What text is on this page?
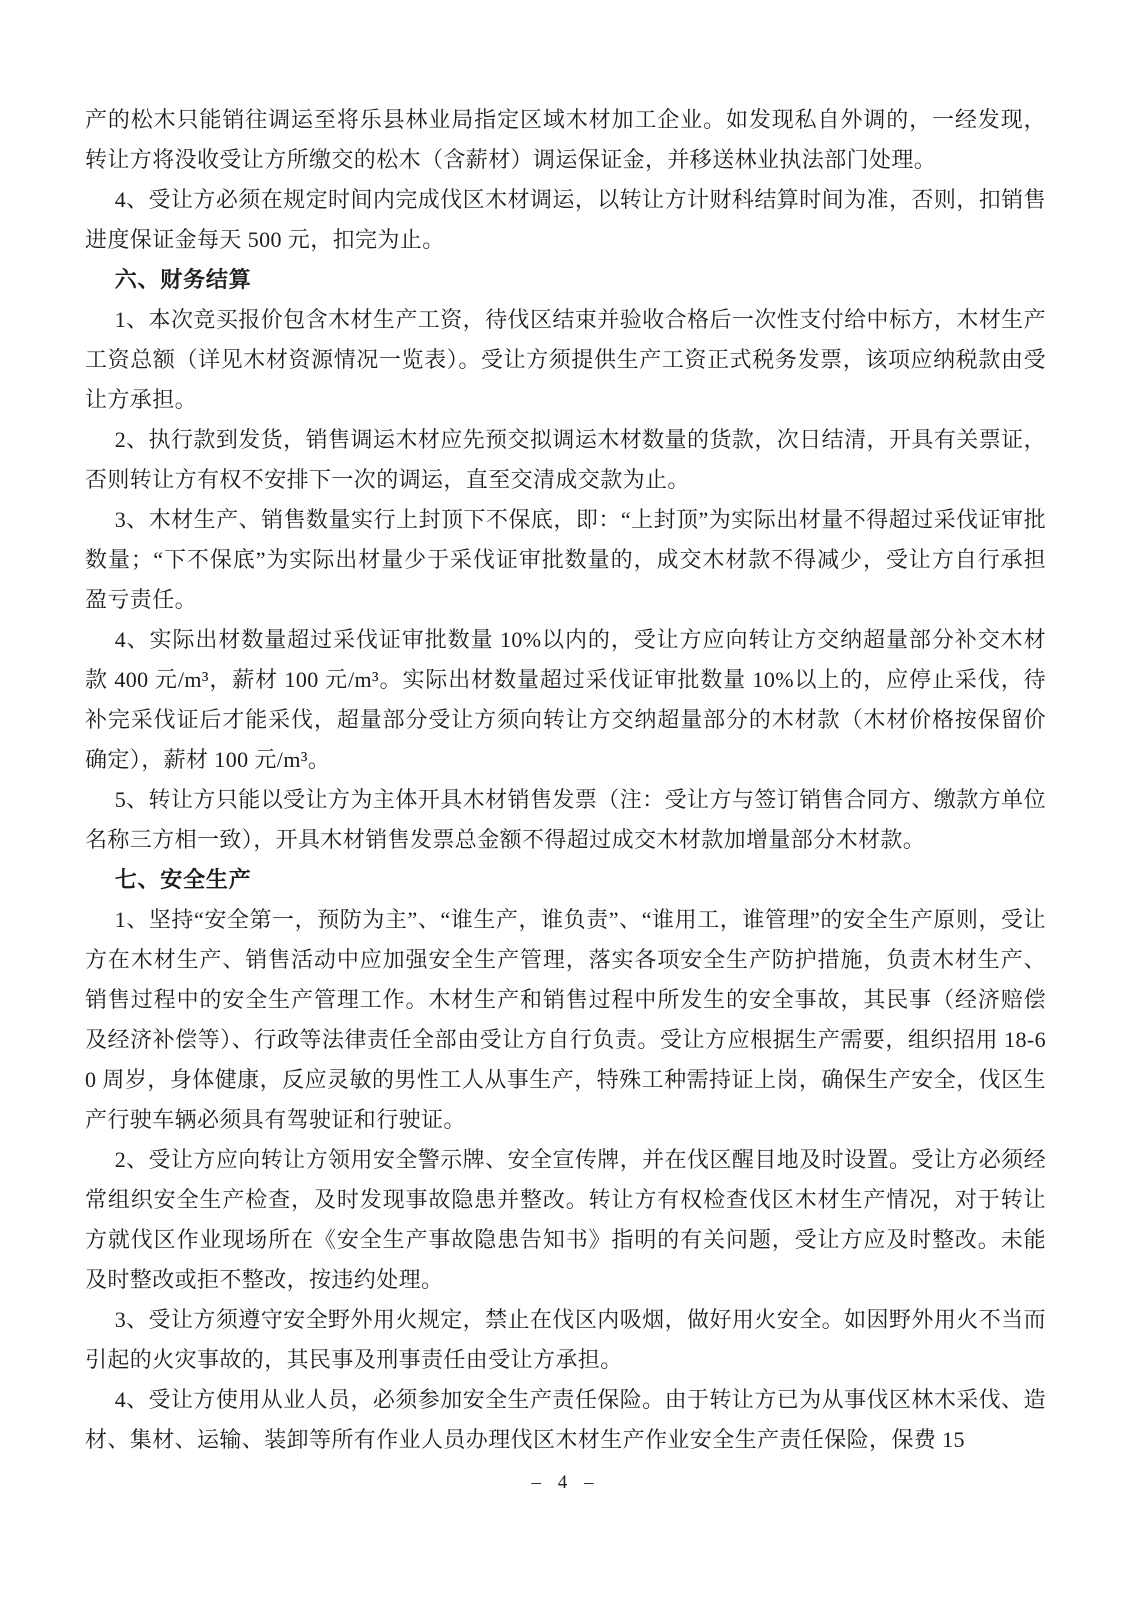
产的松木只能销往调运至将乐县林业局指定区域木材加工企业。如发现私自外调的，一经发现，转让方将没收受让方所缴交的松木（含薪材）调运保证金，并移送林业执法部门处理。

4、受让方必须在规定时间内完成伐区木材调运，以转让方计财科结算时间为准，否则，扣销售进度保证金每天 500 元，扣完为止。

六、财务结算

1、本次竞买报价包含木材生产工资，待伐区结束并验收合格后一次性支付给中标方，木材生产工资总额（详见木材资源情况一览表）。受让方须提供生产工资正式税务发票，该项应纳税款由受让方承担。

2、执行款到发货，销售调运木材应先预交拟调运木材数量的货款，次日结清，开具有关票证，否则转让方有权不安排下一次的调运，直至交清成交款为止。

3、木材生产、销售数量实行上封顶下不保底，即：“上封顶”为实际出材量不得超过采伐证审批数量；“下不保底”为实际出材量少于采伐证审批数量的，成交木材款不得减少，受让方自行承担盈亏责任。

4、实际出材数量超过采伐证审批数量 10%以内的，受让方应向转让方交纳超量部分补交木材款 400 元/m³，薪材 100 元/m³。实际出材数量超过采伐证审批数量 10%以上的，应停止采伐，待补完采伐证后才能采伐，超量部分受让方须向转让方交纳超量部分的木材款（木材价格按保留价确定），薪材 100 元/m³。

5、转让方只能以受让方为主体开具木材销售发票（注：受让方与签订销售合同方、缴款方单位名称三方相一致），开具木材销售发票总金额不得超过成交木材款加增量部分木材款。

七、安全生产

1、坚持“安全第一，预防为主”、“谁生产，谁负责”、“谁用工，谁管理”的安全生产原则，受让方在木材生产、销售活动中应加强安全生产管理，落实各项安全生产防护措施，负责木材生产、销售过程中的安全生产管理工作。木材生产和销售过程中所发生的安全事故，其民事（经济赔偿及经济补偿等）、行政等法律责任全部由受让方自行负责。受让方应根据生产需要，组织招用 18-60 周岁，身体健康，反应灵敏的男性工人从事生产，特殊工种需持证上岗，确保生产安全，伐区生产行驶车辆必须具有驾驶证和行驶证。

2、受让方应向转让方领用安全警示牌、安全宣传牌，并在伐区醒目地及时设置。受让方必须经常组织安全生产检查，及时发现事故隐患并整改。转让方有权检查伐区木材生产情况，对于转让方就伐区作业现场所在《安全生产事故隐患告知书》指明的有关问题，受让方应及时整改。未能及时整改或拒不整改，按违约处理。

3、受让方须遵守安全野外用火规定，禁止在伐区内吸烟，做好用火安全。如因野外用火不当而引起的火灾事故的，其民事及刑事责任由受让方承担。

4、受让方使用从业人员，必须参加安全生产责任保险。由于转让方已为从事伐区林木采伐、造材、集材、运输、装卸等所有作业人员办理伐区木材生产作业安全生产责任保险，保费 15

– 4 –
